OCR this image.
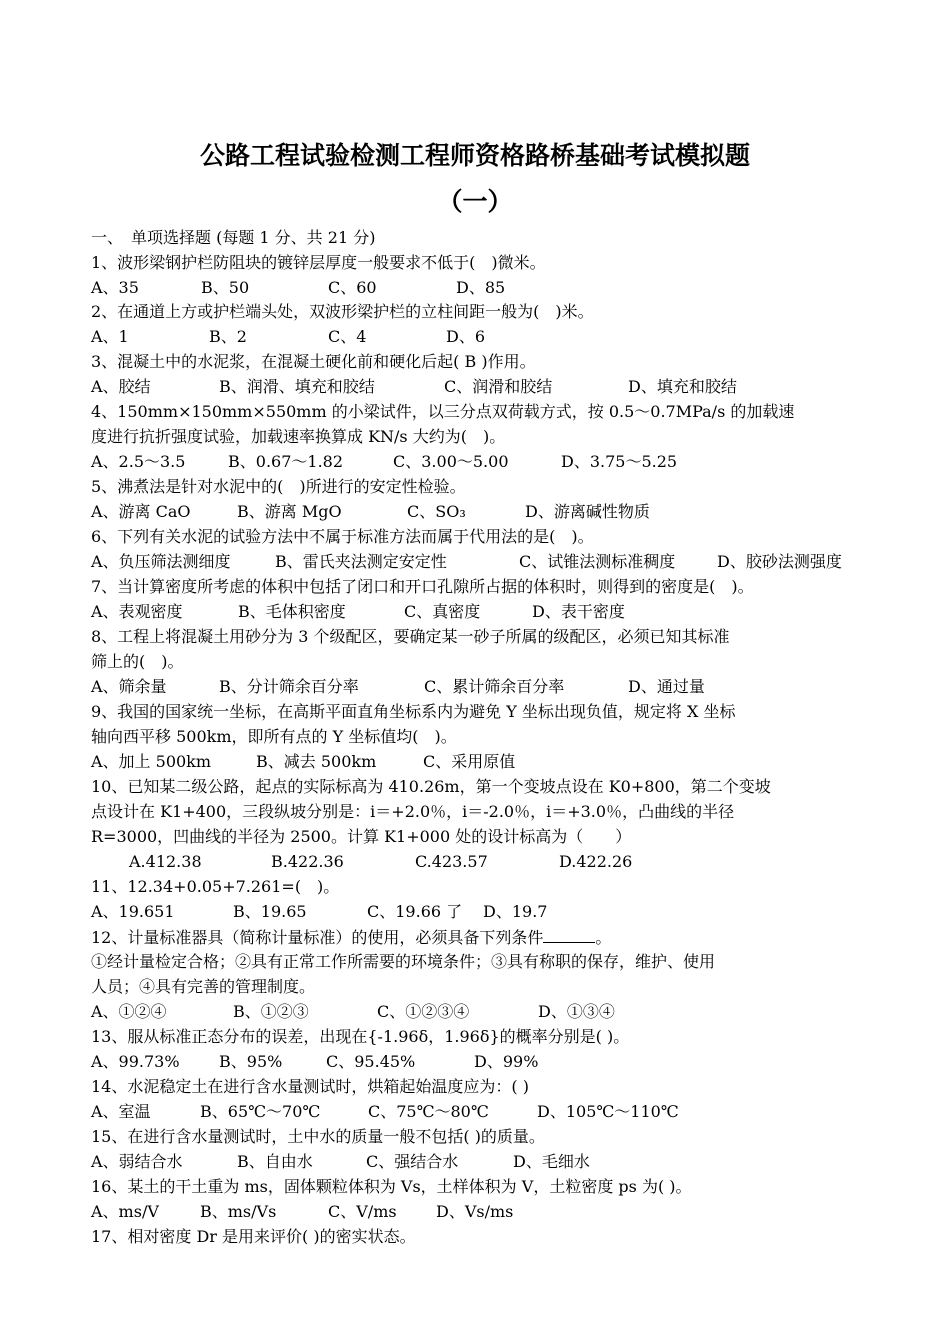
公路工程试验检测工程师资格路桥基础考试模拟题
（一）
一、　单项选择题 (每题 1 分、共 21 分)
1、波形梁钢护栏防阻块的镀锌层厚度一般要求不低于(　)微米。
A、35	B、50	C、60	D、85
2、在通道上方或护栏端头处，双波形梁护栏的立柱间距一般为(　)米。
A、1	B、2	C、4	D、6
3、混凝土中的水泥浆，在混凝土硬化前和硬化后起( B )作用。
A、胶结	B、润滑、填充和胶结	C、润滑和胶结	D、填充和胶结
4、150mm×150mm×550mm 的小梁试件，以三分点双荷载方式，按 0.5～0.7MPa/s 的加载速
度进行抗折强度试验，加载速率换算成 KN/s 大约为(　)。
A、2.5～3.5	B、0.67～1.82	C、3.00～5.00	D、3.75～5.25
5、沸煮法是针对水泥中的(　)所进行的安定性检验。
A、游离 CaO	B、游离 MgO	C、SO₃	D、游离碱性物质
6、下列有关水泥的试验方法中不属于标准方法而属于代用法的是(　)。
A、负压筛法测细度	B、雷氏夹法测定安定性	C、试锥法测标准稠度	D、胶砂法测强度
7、当计算密度所考虑的体积中包括了闭口和开口孔隙所占据的体积时，则得到的密度是(　)。
A、表观密度	B、毛体积密度	C、真密度	D、表干密度
8、工程上将混凝土用砂分为 3 个级配区，要确定某一砂子所属的级配区，必须已知其标准
筛上的(　)。
A、筛余量	B、分计筛余百分率	C、累计筛余百分率	D、通过量
9、我国的国家统一坐标，在高斯平面直角坐标系内为避免 Y 坐标出现负值，规定将 X 坐标
轴向西平移 500km，即所有点的 Y 坐标值均(　)。
A、加上 500km	B、减去 500km	C、采用原值
10、已知某二级公路，起点的实际标高为 410.26m，第一个变坡点设在 K0+800，第二个变坡
点设计在 K1+400，三段纵坡分别是：i＝+2.0％，i＝-2.0％，i＝+3.0％，凸曲线的半径
R=3000，凹曲线的半径为 2500。计算 K1+000 处的设计标高为（　　）
A.412.38	B.422.36	C.423.57	D.422.26
11、12.34+0.05+7.261=(　)。
A、19.651	B、19.65	C、19.66 了 D、19.7
12、计量标准器具（简称计量标准）的使用，必须具备下列条件	。
①经计量检定合格；②具有正常工作所需要的环境条件；③具有称职的保存，维护、使用
人员；④具有完善的管理制度。
A、①②④	B、①②③	C、①②③④	D、①③④
13、服从标准正态分布的误差，出现在{-1.96δ，1.96δ}的概率分别是( )。
A、99.73% B、95%	C、95.45%	D、99%
14、水泥稳定土在进行含水量测试时，烘箱起始温度应为：( )
A、室温	B、65℃～70℃	C、75℃～80℃	D、105℃～110℃
15、在进行含水量测试时，土中水的质量一般不包括( )的质量。
A、弱结合水	B、自由水	C、强结合水	D、毛细水
16、某土的干土重为 ms，固体颗粒体积为 Vs，土样体积为 V，土粒密度 ps 为( )。
A、ms/V	B、ms/Vs	C、V/ms D、Vs/ms
17、相对密度 Dr 是用来评价( )的密实状态。
